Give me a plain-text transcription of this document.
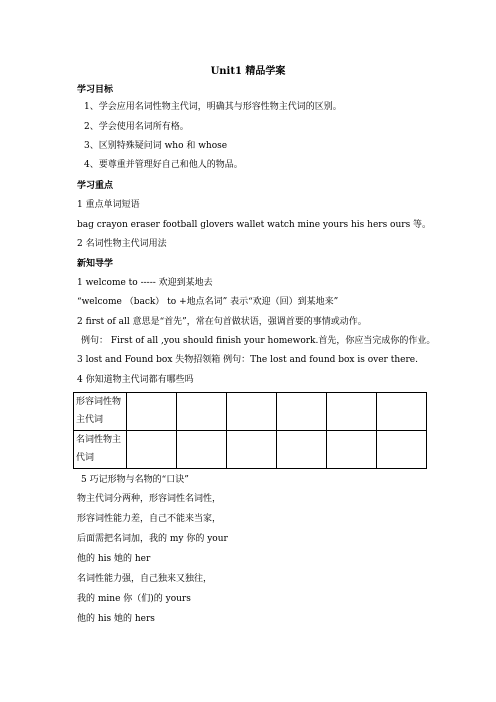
Unit1 精品学案
学习目标
1、学会应用名词性物主代词，明确其与形容性物主代词的区别。
2、学会使用名词所有格。
3、区别特殊疑问词 who 和 whose
4、要尊重并管理好自己和他人的物品。
学习重点
1 重点单词短语
bag crayon eraser football glovers wallet watch mine yours his hers ours 等。
2 名词性物主代词用法
新知导学
1 welcome to ----- 欢迎到某地去
“welcome （back） to +地点名词” 表示“欢迎（回）到某地来”
2 first of all 意思是“首先”，常在句首做状语，强调首要的事情或动作。
例句： First of all ,you should finish your homework.首先，你应当完成你的作业。
3 lost and Found box 失物招领箱 例句：The lost and found box is over there.
4 你知道物主代词都有哪些吗
形容词性物主代词						
名词性物主代词						
5 巧记形物与名物的“口诀”
物主代词分两种，形容词性名词性，
形容词性能力差，自己不能来当家，
后面需把名词加，我的 my 你的 your
他的 his 她的 her
名词性能力强，自己独来又独往，
我的 mine 你（们)的 yours
他的 his 她的 hers
